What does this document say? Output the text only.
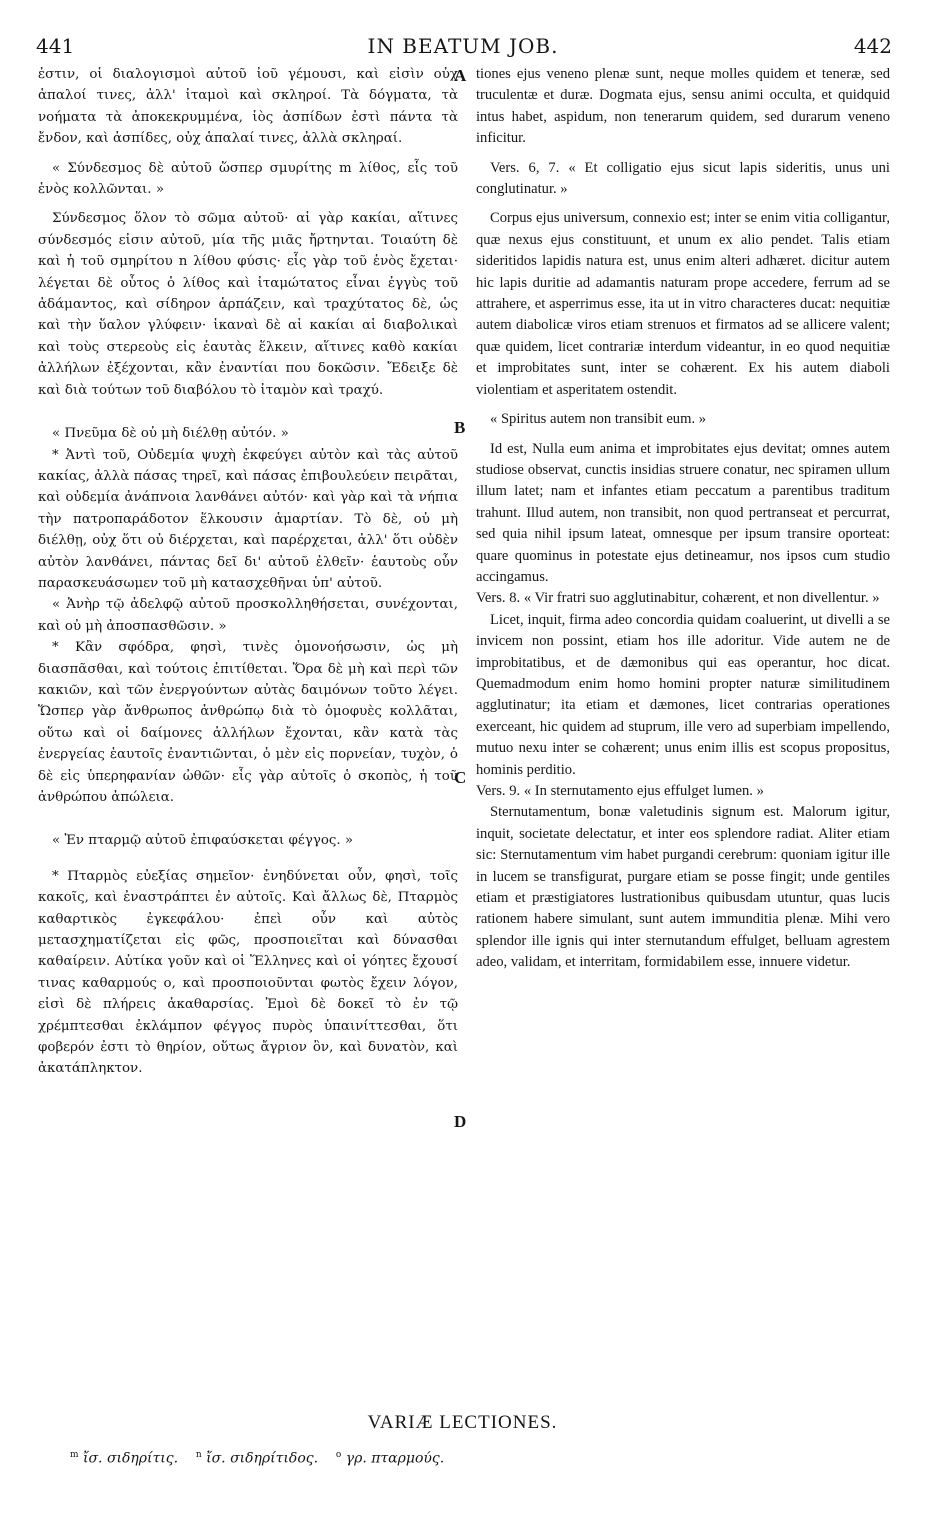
441	IN BEATUM JOB.	442

ἐστιν, οἱ διαλογισμοὶ αὐτοῦ ἰοῦ γέμουσι, καὶ εἰσὶν οὐχ ἁπαλοί τινες, ἀλλ' ἰταμοὶ καὶ σκληροί. Τὰ δόγματα, τὰ νοήματα τὰ ἀποκεκρυμμένα, ἰὸς ἀσπίδων ἐστὶ πάντα τὰ ἔνδον, καὶ ἀσπίδες, οὐχ ἁπαλαί τινες, ἀλλὰ σκληραί.

« Σύνδεσμος δὲ αὐτοῦ ὥσπερ σμυρίτης m λίθος, εἷς τοῦ ἑνὸς κολλῶνται. »

Σύνδεσμος ὅλον τὸ σῶμα αὐτοῦ· αἱ γὰρ κακίαι, αἵτινες σύνδεσμός εἰσιν αὐτοῦ, μία τῆς μιᾶς ἤρτηνται. Τοιαύτη δὲ καὶ ἡ τοῦ σμηρίτου n λίθου φύσις· εἷς γὰρ τοῦ ἑνὸς ἔχεται· λέγεται δὲ οὗτος ὁ λίθος καὶ ἰταμώτατος εἶναι ἐγγὺς τοῦ ἀδάμαντος, καὶ σίδηρον ἁρπάζειν, καὶ τραχύτατος δὲ, ὡς καὶ τὴν ὕαλον γλύφειν· ἱκαναὶ δὲ αἱ κακίαι αἱ διαβολικαὶ καὶ τοὺς στερεοὺς εἰς ἑαυτὰς ἕλκειν, αἵτινες καθὸ κακίαι ἀλλήλων ἐξέχονται, κἂν ἐναντίαι που δοκῶσιν. Ἔδειξε δὲ καὶ διὰ τούτων τοῦ διαβόλου τὸ ἰταμὸν καὶ τραχύ.

« Πνεῦμα δὲ οὐ μὴ διέλθῃ αὐτόν. »

* Ἀντὶ τοῦ, Οὐδεμία ψυχὴ ἐκφεύγει αὐτὸν καὶ τὰς αὐτοῦ κακίας, ἀλλὰ πάσας τηρεῖ, καὶ πάσας ἐπιβουλεύειν πειρᾶται, καὶ οὐδεμία ἀνάπνοια λανθάνει αὐτόν· καὶ γὰρ καὶ τὰ νήπια τὴν πατροπαράδοτον ἕλκουσιν ἁμαρτίαν. Τὸ δὲ, οὐ μὴ διέλθῃ, οὐχ ὅτι οὐ διέρχεται, καὶ παρέρχεται, ἀλλ' ὅτι οὐδὲν αὐτὸν λανθάνει, πάντας δεῖ δι' αὐτοῦ ἐλθεῖν· ἑαυτοὺς οὖν παρασκευάσωμεν τοῦ μὴ κατασχεθῆναι ὑπ' αὐτοῦ.

« Ἀνὴρ τῷ ἀδελφῷ αὐτοῦ προσκολληθήσεται, συνέχονται, καὶ οὐ μὴ ἀποσπασθῶσιν. »

* Κἂν σφόδρα, φησὶ, τινὲς ὁμονοήσωσιν, ὡς μὴ διασπᾶσθαι, καὶ τούτοις ἐπιτίθεται. Ὅρα δὲ μὴ καὶ περὶ τῶν κακιῶν, καὶ τῶν ἐνεργούντων αὐτὰς δαιμόνων τοῦτο λέγει. Ὥσπερ γὰρ ἄνθρωπος ἀνθρώπῳ διὰ τὸ ὁμοφυὲς κολλᾶται, οὕτω καὶ οἱ δαίμονες ἀλλήλων ἔχονται, κἂν κατὰ τὰς ἐνεργείας ἑαυτοῖς ἐναντιῶνται, ὁ μὲν εἰς πορνείαν, τυχὸν, ὁ δὲ εἰς ὑπερηφανίαν ὠθῶν· εἷς γὰρ αὐτοῖς ὁ σκοπὸς, ἡ τοῦ ἀνθρώπου ἀπώλεια.

« Ἐν πταρμῷ αὐτοῦ ἐπιφαύσκεται φέγγος. »

* Πταρμὸς εὐεξίας σημεῖον· ἐνηδύνεται οὖν, φησὶ, τοῖς κακοῖς, καὶ ἐναστράπτει ἐν αὐτοῖς. Καὶ ἄλλως δὲ, Πταρμὸς καθαρτικὸς ἐγκεφάλου· ἐπεὶ οὖν καὶ αὐτὸς μετασχηματίζεται εἰς φῶς, προσποιεῖται καὶ δύνασθαι καθαίρειν. Αὐτίκα γοῦν καὶ οἱ Ἕλληνες καὶ οἱ γόητες ἔχουσί τινας καθαρμούς o, καὶ προσποιοῦνται φωτὸς ἔχειν λόγον, εἰσὶ δὲ πλήρεις ἀκαθαρσίας. Ἐμοὶ δὲ δοκεῖ τὸ ἐν τῷ χρέμπτεσθαι ἐκλάμπον φέγγος πυρὸς ὑπαινίττεσθαι, ὅτι φοβερόν ἐστι τὸ θηρίον, οὕτως ἄγριον ὂν, καὶ δυνατὸν, καὶ ἀκατάπληκτον.

tiones ejus veneno plenæ sunt, neque molles quidem et teneræ, sed truculentæ et duræ. Dogmata ejus, sensu animi occulta, et quidquid intus habet, aspidum, non tenerarum quidem, sed durarum veneno inficitur.

Vers. 6, 7. « Et colligatio ejus sicut lapis sideritis, unus uni conglutinatur. »

Corpus ejus universum, connexio est; inter se enim vitia colligantur, quæ nexus ejus constituunt, et unum ex alio pendet. Talis etiam sideritidos lapidis natura est, unus enim alteri adhæret. dicitur autem hic lapis duritie ad adamantis naturam prope accedere, ferrum ad se attrahere, et asperrimus esse, ita ut in vitro characteres ducat: nequitiæ autem diabolicæ viros etiam strenuos et firmatos ad se allicere valent; quæ quidem, licet contrariæ interdum videantur, in eo quod nequitiæ et improbitates sunt, inter se cohærent. Ex his autem diaboli violentiam et asperitatem ostendit.

« Spiritus autem non transibit eum. »

Id est, Nulla eum anima et improbitates ejus devitat; omnes autem studiose observat, cunctis insidias struere conatur, nec spiramen ullum illum latet; nam et infantes etiam peccatum a parentibus traditum trahunt. Illud autem, non transibit, non quod pertranseat et percurrat, sed quia nihil ipsum lateat, omnesque per ipsum transire oporteat: quare quominus in potestate ejus detineamur, nos ipsos cum studio accingamus.

Vers. 8. « Vir fratri suo agglutinabitur, cohærent, et non divellentur. »

Licet, inquit, firma adeo concordia quidam coaluerint, ut divelli a se invicem non possint, etiam hos ille adoritur. Vide autem ne de improbitatibus, et de dæmonibus qui eas operantur, hoc dicat. Quemadmodum enim homo homini propter naturæ similitudinem agglutinatur; ita etiam et dæmones, licet contrarias operationes exerceant, hic quidem ad stuprum, ille vero ad superbiam impellendo, mutuo nexu inter se cohærent; unus enim illis est scopus propositus, hominis perditio.

Vers. 9. « In sternutamento ejus effulget lumen. »

Sternutamentum, bonæ valetudinis signum est. Malorum igitur, inquit, societate delectatur, et inter eos splendore radiat. Aliter etiam sic: Sternutamentum vim habet purgandi cerebrum: quoniam igitur ille in lucem se transfigurat, purgare etiam se posse fingit; unde gentiles etiam et præstigiatores lustrationibus quibusdam utuntur, quas lucis rationem habere simulant, sunt autem immunditia plenæ. Mihi vero splendor ille ignis qui inter sternutandum effulget, belluam agrestem adeo, validam, et interritam, formidabilem esse, innuere videtur.

A
B
C
D
VARIÆ LECTIONES.
$^m$ ἴσ. σιδηρίτις. $^n$ ἴσ. σιδηρίτιδος. $^o$ γρ. πταρμούς.
